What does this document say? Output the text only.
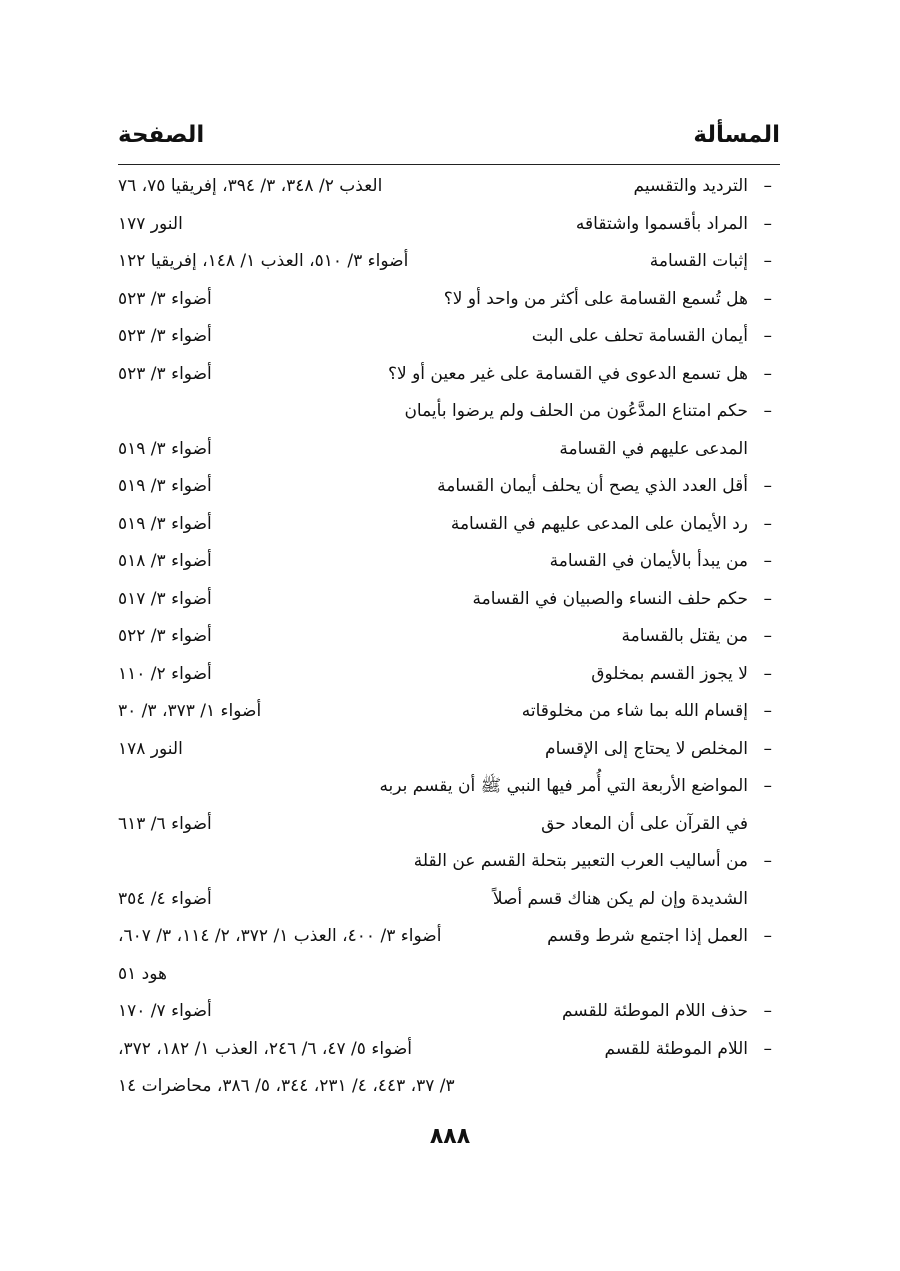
المسألة
الصفحة
–
الترديد والتقسيم
العذب ٢/ ٣٤٨، ٣/ ٣٩٤، إفريقيا ٧٥، ٧٦
–
المراد بأقسموا واشتقاقه
النور ١٧٧
–
إثبات القسامة
أضواء ٣/ ٥١٠، العذب ١/ ١٤٨، إفريقيا ١٢٢
–
هل تُسمع القسامة على أكثر من واحد أو لا؟
أضواء ٣/ ٥٢٣
–
أيمان القسامة تحلف على البت
أضواء ٣/ ٥٢٣
–
هل تسمع الدعوى في القسامة على غير معين أو لا؟
أضواء ٣/ ٥٢٣
–
حكم امتناع المدَّعُون من الحلف ولم يرضوا بأيمان
المدعى عليهم في القسامة
أضواء ٣/ ٥١٩
–
أقل العدد الذي يصح أن يحلف أيمان القسامة
أضواء ٣/ ٥١٩
–
رد الأيمان على المدعى عليهم في القسامة
أضواء ٣/ ٥١٩
–
من يبدأ بالأيمان في القسامة
أضواء ٣/ ٥١٨
–
حكم حلف النساء والصبيان في القسامة
أضواء ٣/ ٥١٧
–
من يقتل بالقسامة
أضواء ٣/ ٥٢٢
–
لا يجوز القسم بمخلوق
أضواء ٢/ ١١٠
–
إقسام الله بما شاء من مخلوقاته
أضواء ١/ ٣٧٣، ٣/ ٣٠
–
المخلص لا يحتاج إلى الإقسام
النور ١٧٨
–
المواضع الأربعة التي أُمر فيها النبي ﷺ أن يقسم بربه
في القرآن على أن المعاد حق
أضواء ٦/ ٦١٣
–
من أساليب العرب التعبير بتحلة القسم عن القلة
الشديدة وإن لم يكن هناك قسم أصلاً
أضواء ٤/ ٣٥٤
–
العمل إذا اجتمع شرط وقسم
أضواء ٣/ ٤٠٠، العذب ١/ ٣٧٢، ٢/ ١١٤، ٣/ ٦٠٧،
هود ٥١
–
حذف اللام الموطئة للقسم
أضواء ٧/ ١٧٠
–
اللام الموطئة للقسم
أضواء ٥/ ٤٧، ٦/ ٢٤٦، العذب ١/ ١٨٢، ٣٧٢،
٣/ ٣٧، ٤٤٣، ٤/ ٢٣١، ٣٤٤، ٥/ ٣٨٦، محاضرات ١٤
٨٨٨
